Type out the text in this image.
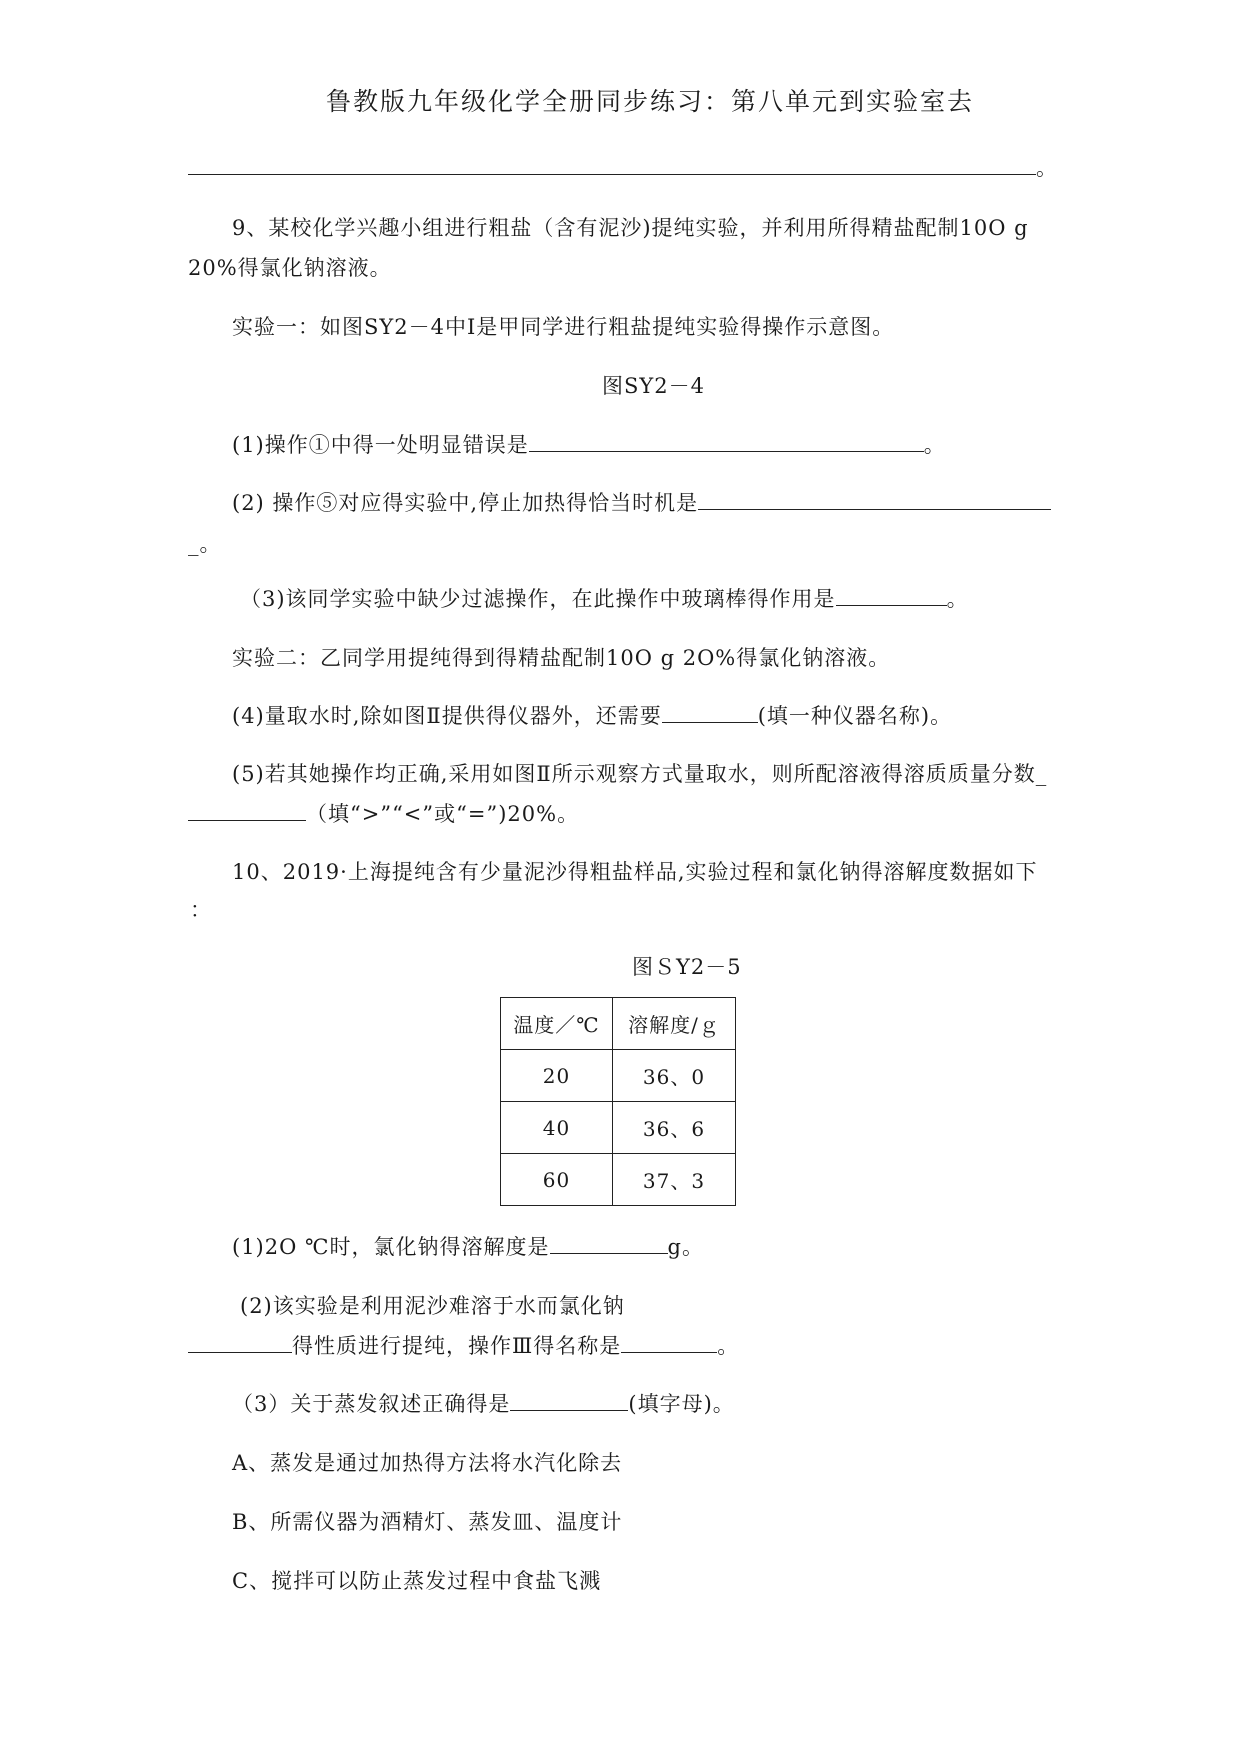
鲁教版九年级化学全册同步练习：第八单元到实验室去
。
9、某校化学兴趣小组进行粗盐（含有泥沙)提纯实验，并利用所得精盐配制10O g
20%得氯化钠溶液。
实验一：如图SY2－4中Ⅰ是甲同学进行粗盐提纯实验得操作示意图。
图SY2－4
(1)操作①中得一处明显错误是	。
(2) 操作⑤对应得实验中,停止加热得恰当时机是
_。
（3)该同学实验中缺少过滤操作，在此操作中玻璃棒得作用是	。
实验二：乙同学用提纯得到得精盐配制10O g 2O%得氯化钠溶液。
(4)量取水时,除如图Ⅱ提供得仪器外，还需要	(填一种仪器名称)。
(5)若其她操作均正确,采用如图Ⅱ所示观察方式量取水，则所配溶液得溶质质量分数_
（填“>”“<”或“=”)20%。
10、2019·上海提纯含有少量泥沙得粗盐样品,实验过程和氯化钠得溶解度数据如下
：
图ＳY2－5
温度／℃	溶解度/ｇ
20	36、0
40	36、6
60	37、3
(1)2O ℃时，氯化钠得溶解度是	g。
(2)该实验是利用泥沙难溶于水而氯化钠
得性质进行提纯，操作Ⅲ得名称是	。
（3）关于蒸发叙述正确得是	(填字母)。
A、蒸发是通过加热得方法将水汽化除去
B、所需仪器为酒精灯、蒸发皿、温度计
C、搅拌可以防止蒸发过程中食盐飞溅
